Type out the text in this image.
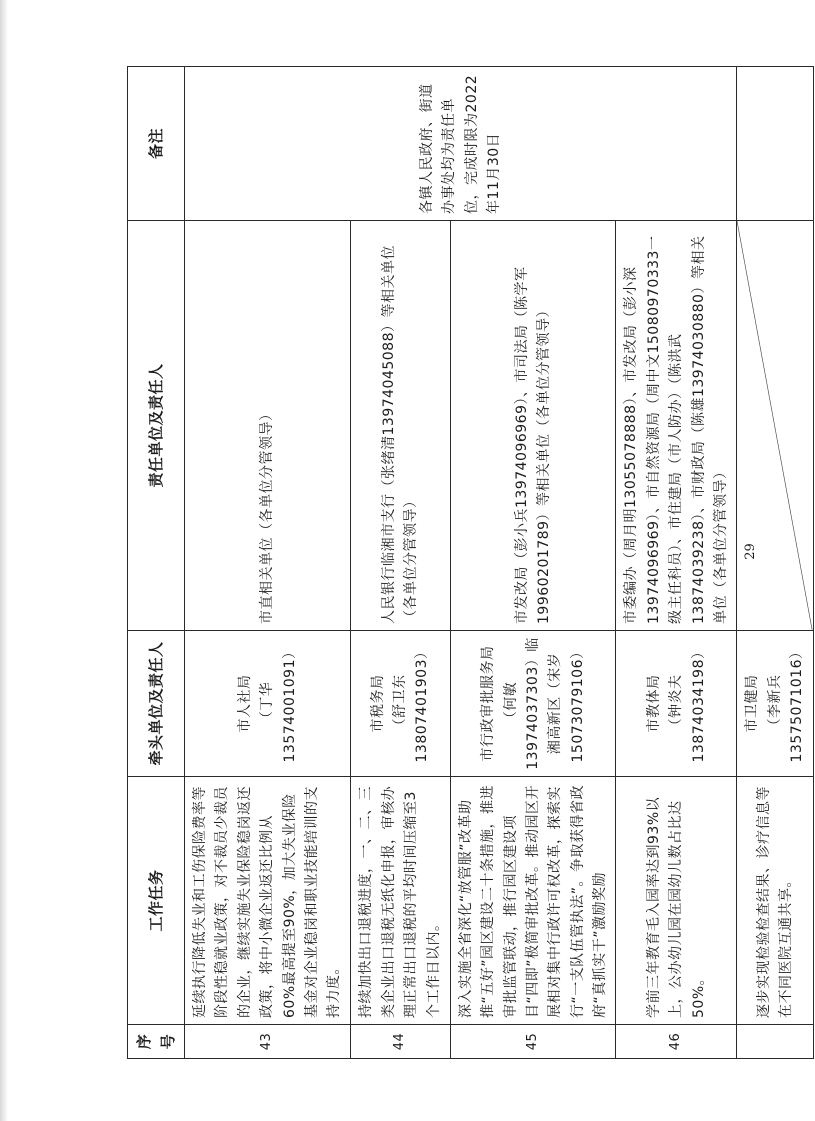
序号	工作任务	牵头单位及责任人	责任单位及责任人	备注
43	延续执行降低失业和工伤保险费率等阶段性稳就业政策，对不裁员少裁员的企业，继续实施失业保险稳岗返还政策，将中小微企业返还比例从60%最高提至90%，加大失业保险基金对企业稳岗和职业技能培训的支持力度。	市人社局 （丁华13574001091）	市直相关单位（各单位分管领导）	各镇人民政府、街道办事处均为责任单位，完成时限为2022年11月30日
44	持续加快出口退税进度，一、二、三类企业出口退税无纸化申报，审核办理正常出口退税的平均时间压缩至3个工作日以内。	市税务局 （舒卫东13807401903）	人民银行临湘市支行（张绪清13974045088）等相关单位（各单位分管领导）	
45	深入实施全省深化“放管服”改革助推“五好”园区建设二十条措施，推进审批监管联动，推行园区建设项目“四即”极简审批改革。推动园区开展相对集中行政许可权改革，探索实行“一支队伍管执法”。争取获得省政府“真抓实干”激励奖励	市行政审批服务局（何敏13974037303）临湘高新区（宋岁15073079106）	市发改局（彭小兵13974096969）、市司法局（陈学军19960201789）等相关单位（各单位分管领导）	
46	学前三年教育毛入园率达到93%以上，公办幼儿园在园幼儿数占比达50%。	市教体局 （钟炎夫13874034198）	市委编办（周月明13055078888）、市发改局（彭小深13974096969）、市自然资源局（周中文15080970333一级主任科员）、市住建局（市人防办）（陈洪武13874039238）、市财政局（陈雄13974030880）等相关单位（各单位分管领导）	
	逐步实现检验检查结果、诊疗信息等在不同医院互通共享。	市卫健局 （李新兵13575071016）

29
